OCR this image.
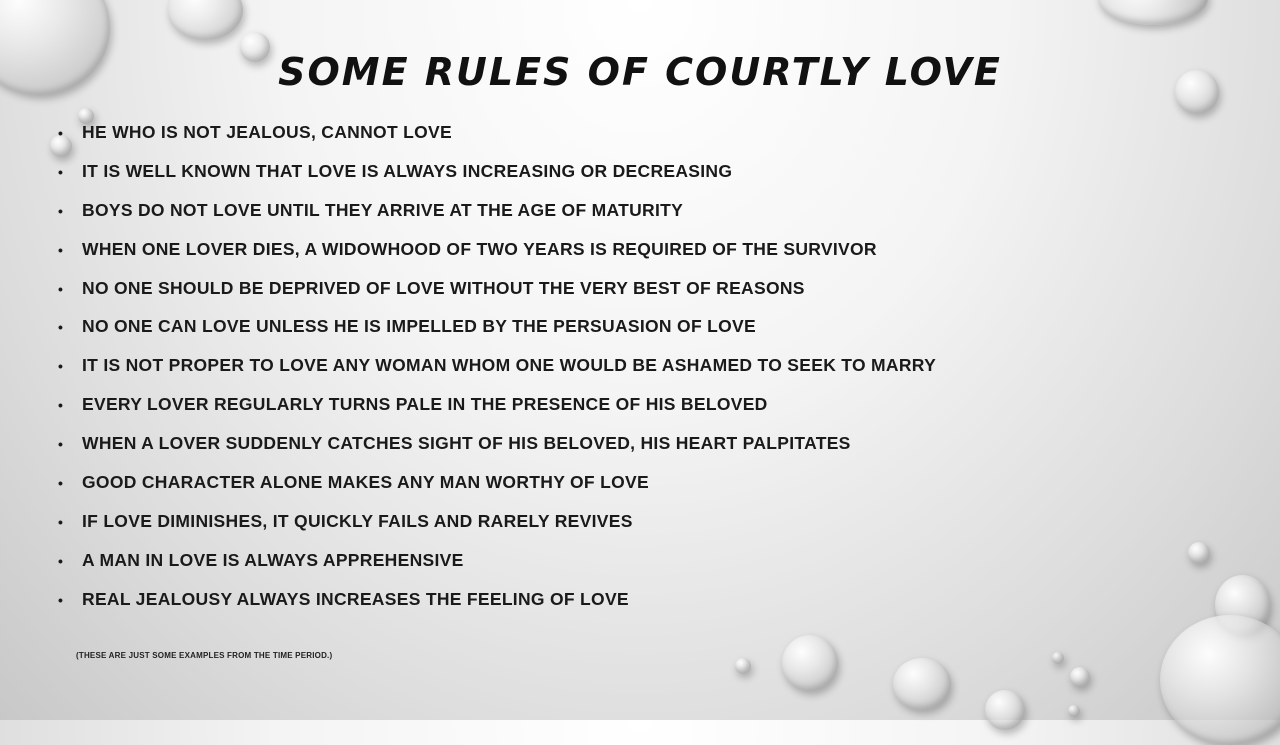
SOME RULES OF COURTLY LOVE
• HE WHO IS NOT JEALOUS, CANNOT LOVE
• IT IS WELL KNOWN THAT LOVE IS ALWAYS INCREASING OR DECREASING
• BOYS DO NOT LOVE UNTIL THEY ARRIVE AT THE AGE OF MATURITY
• WHEN ONE LOVER DIES, A WIDOWHOOD OF TWO YEARS IS REQUIRED OF THE SURVIVOR
• NO ONE SHOULD BE DEPRIVED OF LOVE WITHOUT THE VERY BEST OF REASONS
• NO ONE CAN LOVE UNLESS HE IS IMPELLED BY THE PERSUASION OF LOVE
• IT IS NOT PROPER TO LOVE ANY WOMAN WHOM ONE WOULD BE ASHAMED TO SEEK TO MARRY
• EVERY LOVER REGULARLY TURNS PALE IN THE PRESENCE OF HIS BELOVED
• WHEN A LOVER SUDDENLY CATCHES SIGHT OF HIS BELOVED, HIS HEART PALPITATES
• GOOD CHARACTER ALONE MAKES ANY MAN WORTHY OF LOVE
• IF LOVE DIMINISHES, IT QUICKLY FAILS AND RARELY REVIVES
• A MAN IN LOVE IS ALWAYS APPREHENSIVE
• REAL JEALOUSY ALWAYS INCREASES THE FEELING OF LOVE
(THESE ARE JUST SOME EXAMPLES FROM THE TIME PERIOD.)
